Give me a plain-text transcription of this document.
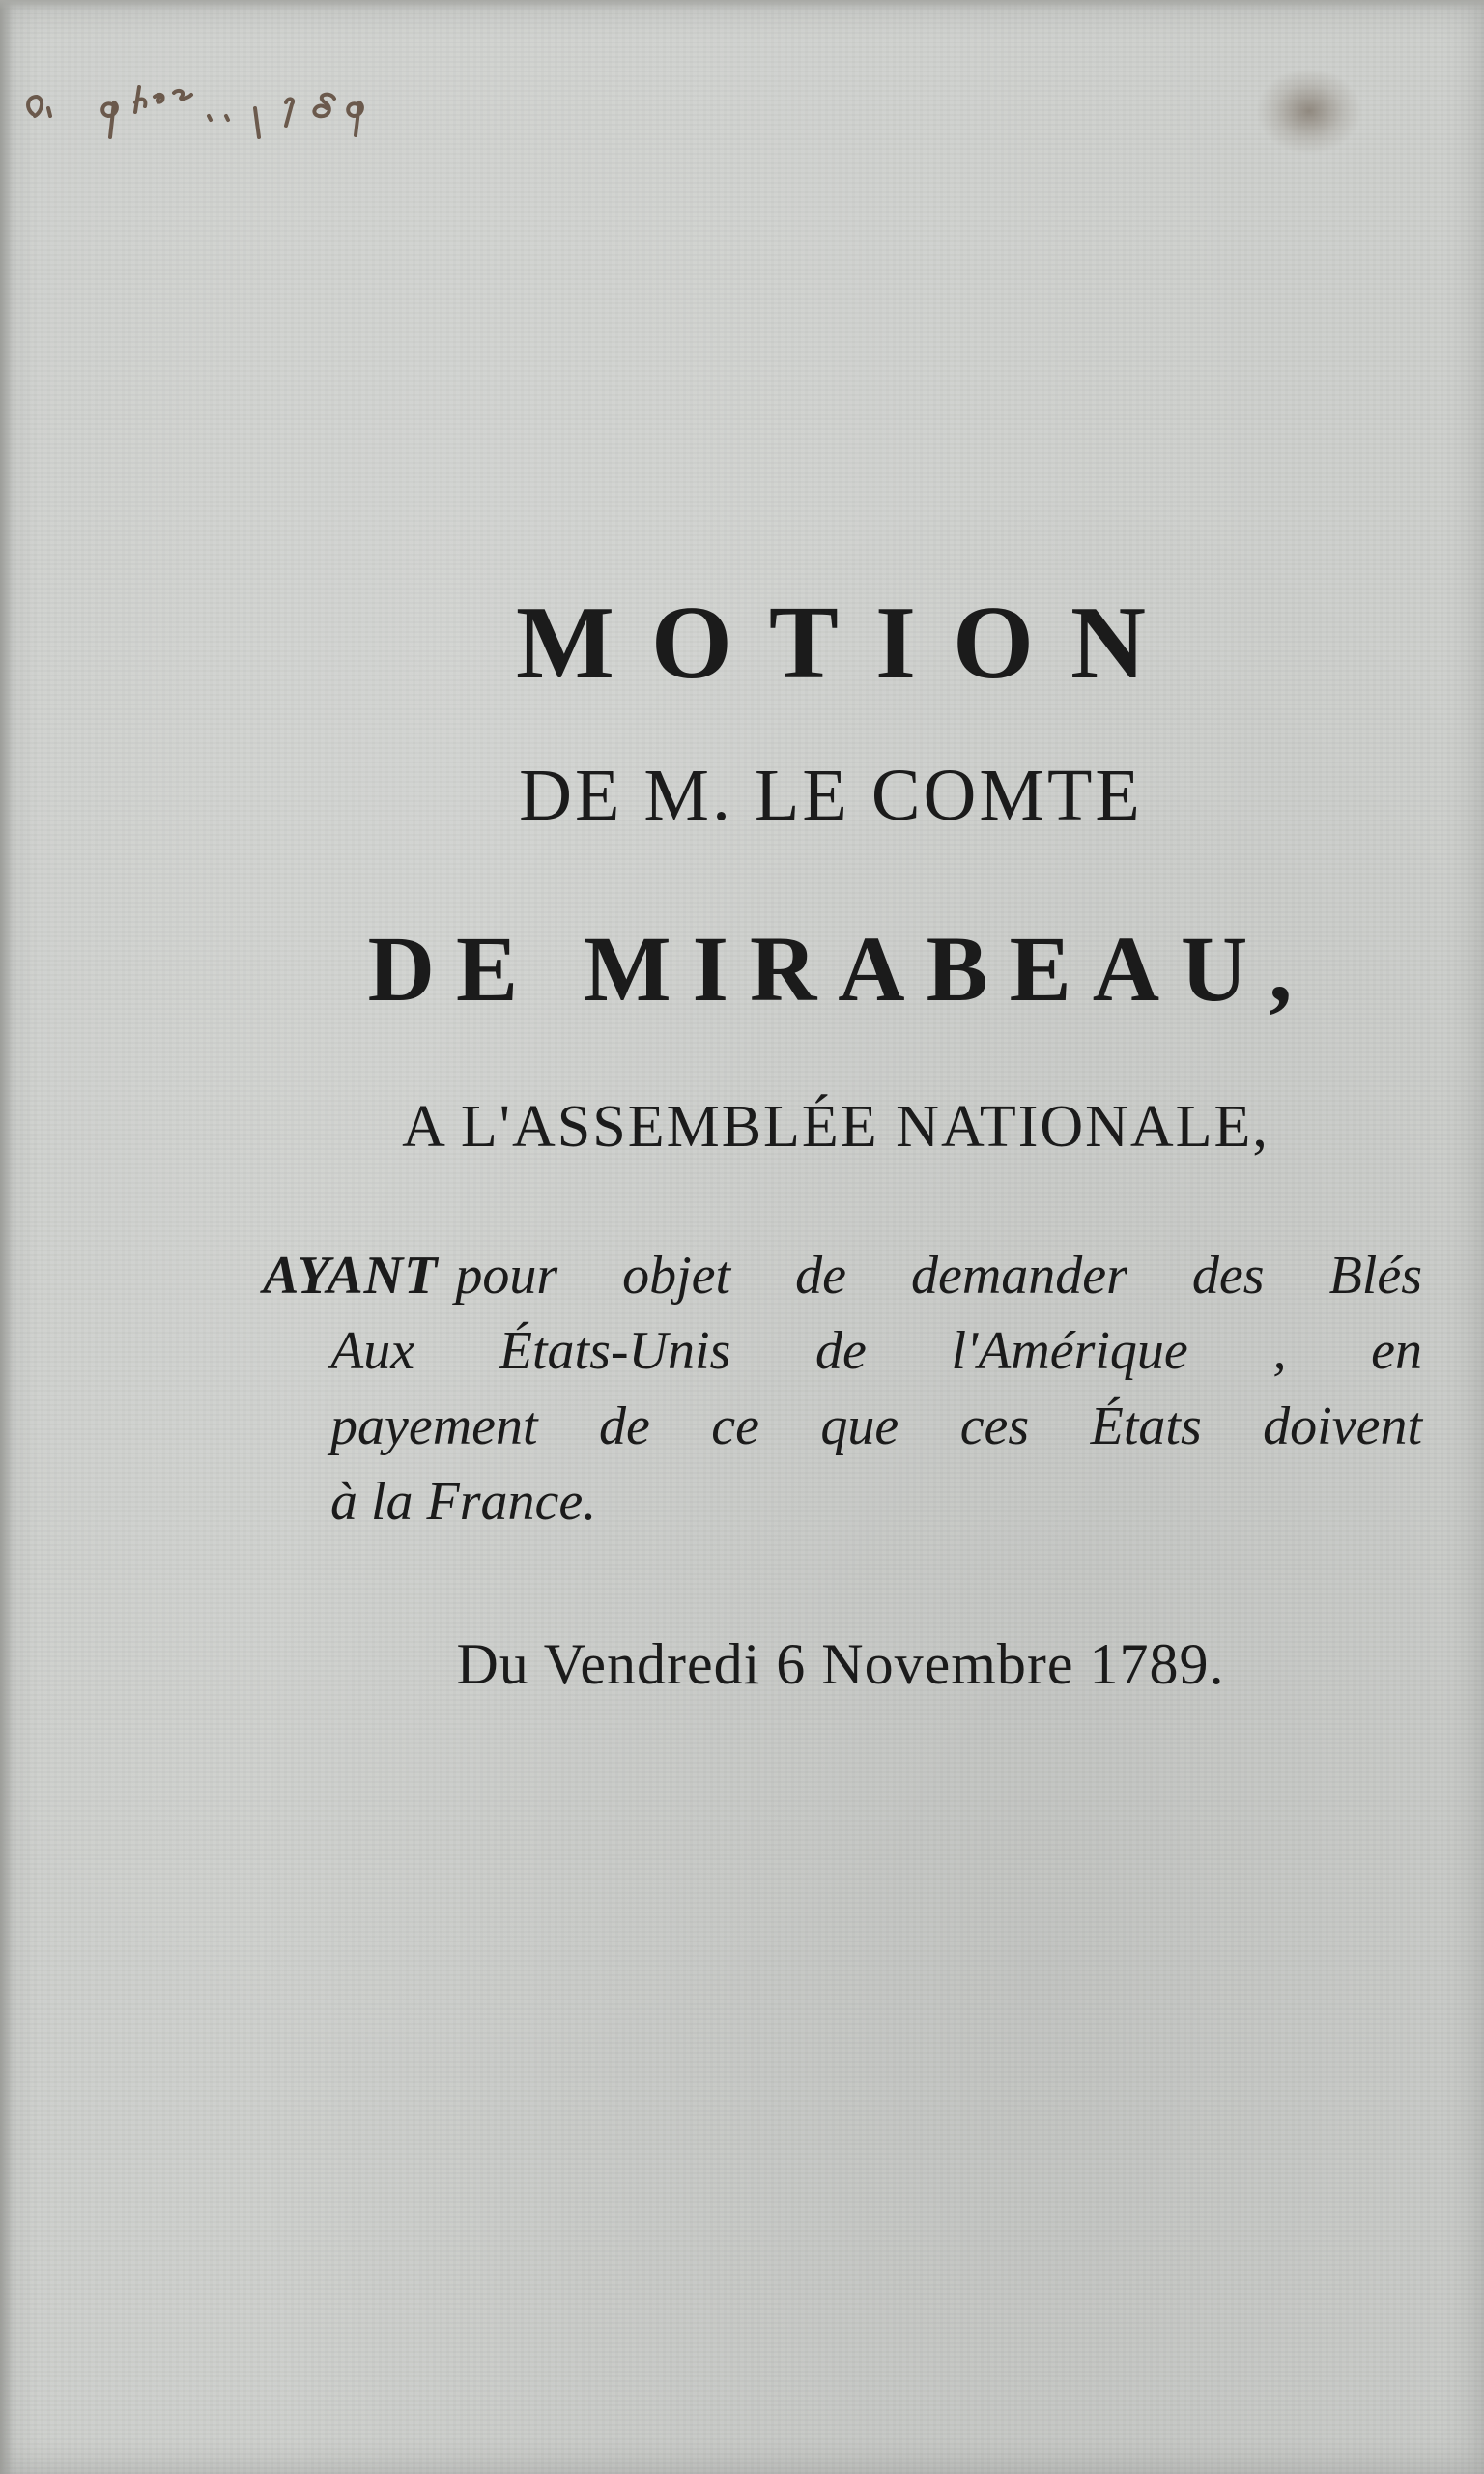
MOTION
DE M. LE COMTE
DE MIRABEAU,
A L'ASSEMBLÉE NATIONALE,
AYANT pour objet de demander des Blés
Aux États-Unis de l'Amérique , en
payement de ce que ces États doivent
à la France.
Du Vendredi 6 Novembre 1789.
